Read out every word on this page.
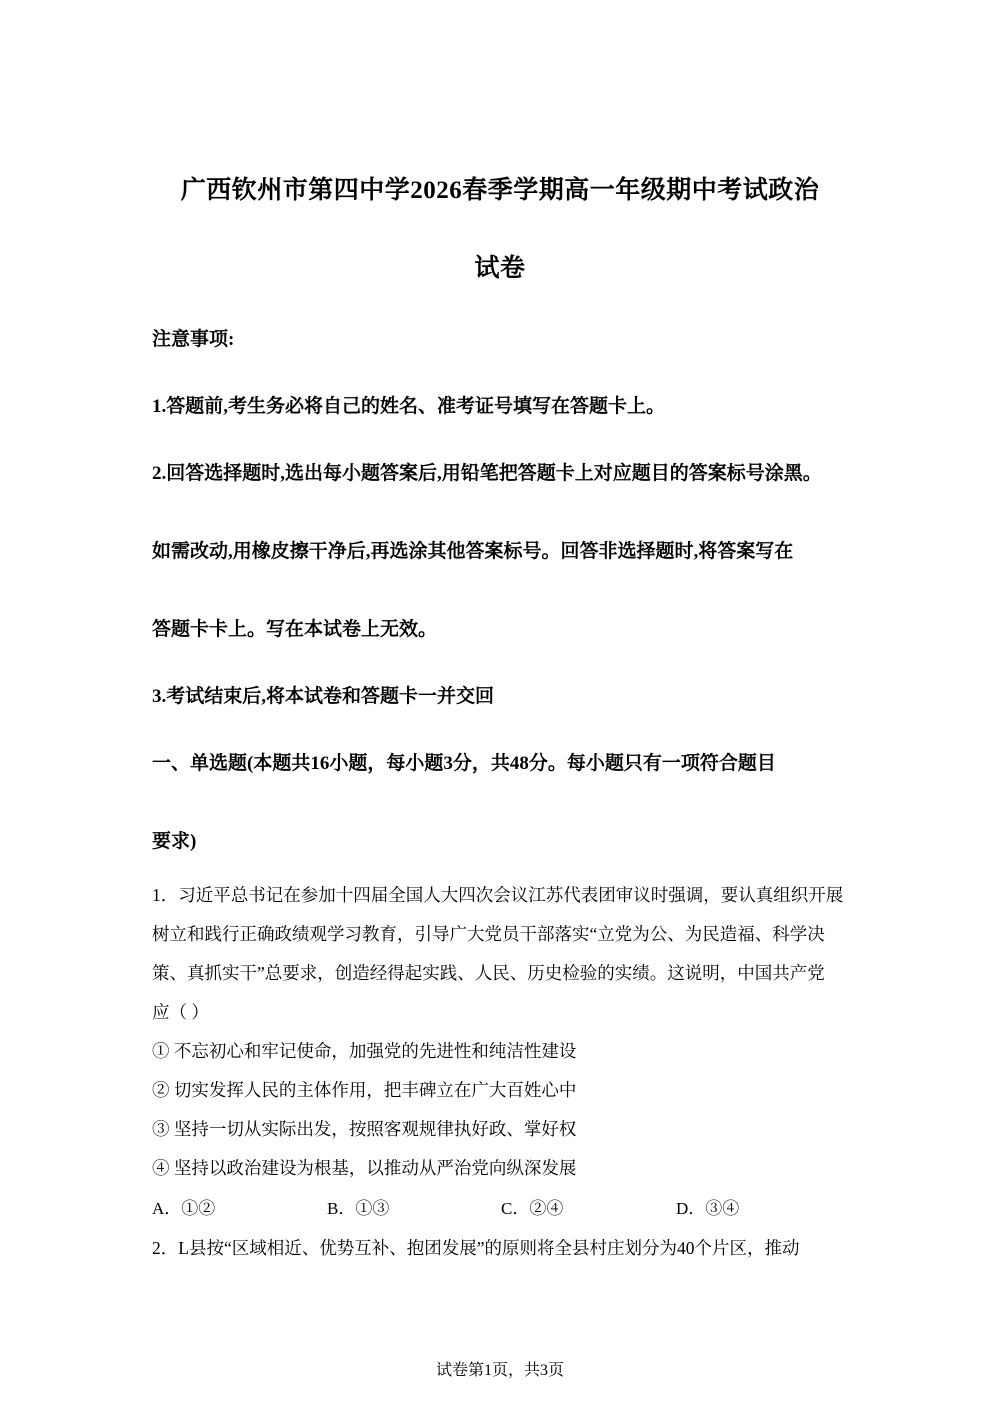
广西钦州市第四中学2026春季学期高一年级期中考试政治
试卷
注意事项:
1.答题前,考生务必将自己的姓名、准考证号填写在答题卡上。
2.回答选择题时,选出每小题答案后,用铅笔把答题卡上对应题目的答案标号涂黑。
如需改动,用橡皮擦干净后,再选涂其他答案标号。回答非选择题时,将答案写在
答题卡卡上。写在本试卷上无效。
3.考试结束后,将本试卷和答题卡一并交回
一、单选题(本题共16小题，每小题3分，共48分。每小题只有一项符合题目
要求)
1．习近平总书记在参加十四届全国人大四次会议江苏代表团审议时强调，要认真组织开展
树立和践行正确政绩观学习教育，引导广大党员干部落实“立党为公、为民造福、科学决
策、真抓实干”总要求，创造经得起实践、人民、历史检验的实绩。这说明，中国共产党
应（ ）
① 不忘初心和牢记使命，加强党的先进性和纯洁性建设
② 切实发挥人民的主体作用，把丰碑立在广大百姓心中
③ 坚持一切从实际出发，按照客观规律执好政、掌好权
④ 坚持以政治建设为根基，以推动从严治党向纵深发展
A．①②	B．①③	C．②④	D．③④
2．L县按“区域相近、优势互补、抱团发展”的原则将全县村庄划分为40个片区，推动
试卷第1页，共3页
